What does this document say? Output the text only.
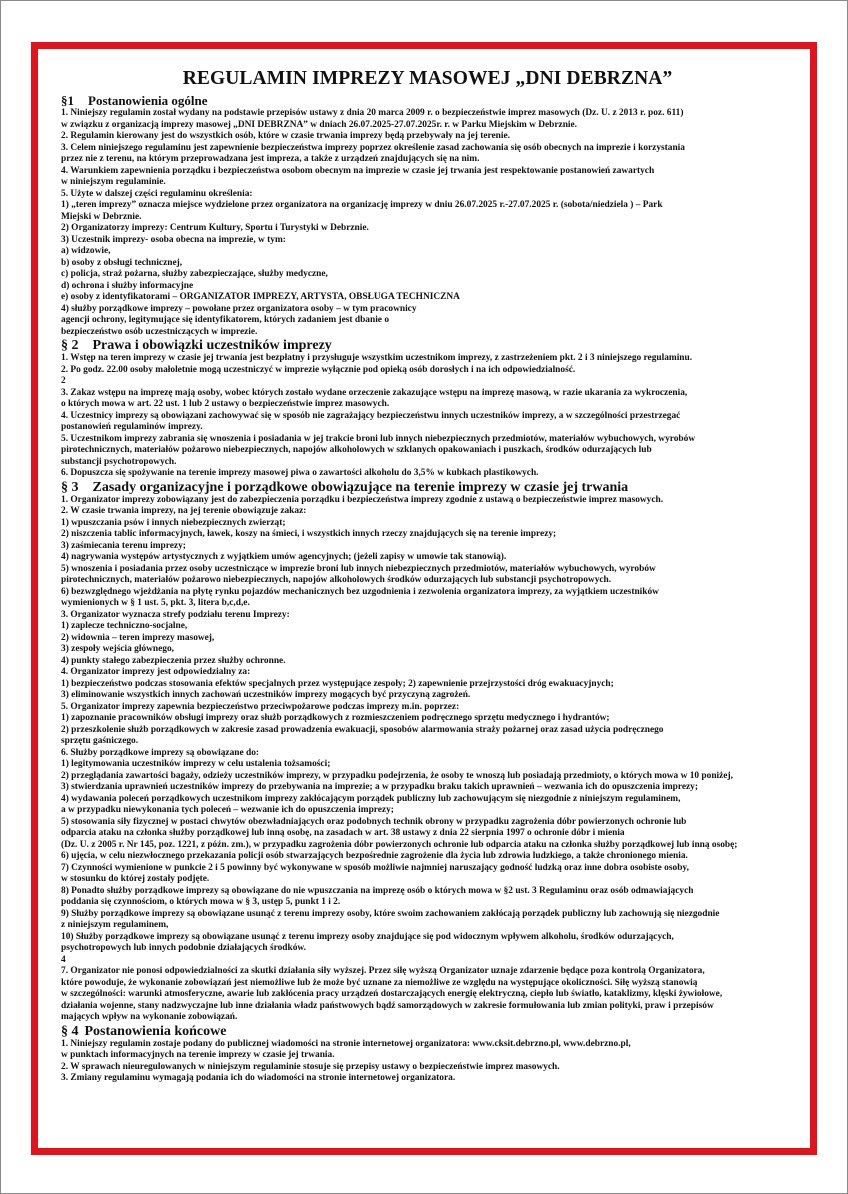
REGULAMIN IMPREZY MASOWEJ „DNI DEBRZNA”

§1 Postanowienia ogólne

1. Niniejszy regulamin został wydany na podstawie przepisów ustawy z dnia 20 marca 2009 r. o bezpieczeństwie imprez masowych (Dz. U. z 2013 r. poz. 611)

w związku z organizacją imprezy masowej „DNI DEBRZNA” w dniach 26.07.2025-27.07.2025r. r. w Parku Miejskim w Debrznie.

2. Regulamin kierowany jest do wszystkich osób, które w czasie trwania imprezy będą przebywały na jej terenie.

3. Celem niniejszego regulaminu jest zapewnienie bezpieczeństwa imprezy poprzez określenie zasad zachowania się osób obecnych na imprezie i korzystania

przez nie z terenu, na którym przeprowadzana jest impreza, a także z urządzeń znajdujących się na nim.

4. Warunkiem zapewnienia porządku i bezpieczeństwa osobom obecnym na imprezie w czasie jej trwania jest respektowanie postanowień zawartych

w niniejszym regulaminie.

5. Użyte w dalszej części regulaminu określenia:

1) „teren imprezy” oznacza miejsce wydzielone przez organizatora na organizację imprezy w dniu 26.07.2025 r.-27.07.2025 r. (sobota/niedziela ) – Park

Miejski w Debrznie.

2) Organizatorzy imprezy: Centrum Kultury, Sportu i Turystyki w Debrznie.

3) Uczestnik imprezy- osoba obecna na imprezie, w tym:

a) widzowie,

b) osoby z obsługi technicznej,

c) policja, straż pożarna, służby zabezpieczające, służby medyczne,

d) ochrona i służby informacyjne

e) osoby z identyfikatorami – ORGANIZATOR IMPREZY, ARTYSTA, OBSŁUGA TECHNICZNA

4) służby porządkowe imprezy – powołane przez organizatora osoby – w tym pracownicy

agencji ochrony, legitymujące się identyfikatorem, których zadaniem jest dbanie o

bezpieczeństwo osób uczestniczących w imprezie.

§ 2 Prawa i obowiązki uczestników imprezy

1. Wstęp na teren imprezy w czasie jej trwania jest bezpłatny i przysługuje wszystkim uczestnikom imprezy, z zastrzeżeniem pkt. 2 i 3 niniejszego regulaminu.

2. Po godz. 22.00 osoby małoletnie mogą uczestniczyć w imprezie wyłącznie pod opieką osób dorosłych i na ich odpowiedzialność.

2

3. Zakaz wstępu na imprezę mają osoby, wobec których zostało wydane orzeczenie zakazujące wstępu na imprezę masową, w razie ukarania za wykroczenia,

o których mowa w art. 22 ust. 1 lub 2 ustawy o bezpieczeństwie imprez masowych.

4. Uczestnicy imprezy są obowiązani zachowywać się w sposób nie zagrażający bezpieczeństwu innych uczestników imprezy, a w szczególności przestrzegać

postanowień regulaminów imprezy.

5. Uczestnikom imprezy zabrania się wnoszenia i posiadania w jej trakcie broni lub innych niebezpiecznych przedmiotów, materiałów wybuchowych, wyrobów

pirotechnicznych, materiałów pożarowo niebezpiecznych, napojów alkoholowych w szklanych opakowaniach i puszkach, środków odurzających lub

substancji psychotropowych.

6. Dopuszcza się spożywanie na terenie imprezy masowej piwa o zawartości alkoholu do 3,5% w kubkach plastikowych.

§ 3 Zasady organizacyjne i porządkowe obowiązujące na terenie imprezy w czasie jej trwania

1. Organizator imprezy zobowiązany jest do zabezpieczenia porządku i bezpieczeństwa imprezy zgodnie z ustawą o bezpieczeństwie imprez masowych.

2. W czasie trwania imprezy, na jej terenie obowiązuje zakaz:

1) wpuszczania psów i innych niebezpiecznych zwierząt;

2) niszczenia tablic informacyjnych, ławek, koszy na śmieci, i wszystkich innych rzeczy znajdujących się na terenie imprezy;

3) zaśmiecania terenu imprezy;

4) nagrywania występów artystycznych z wyjątkiem umów agencyjnych; (jeżeli zapisy w umowie tak stanowią).

5) wnoszenia i posiadania przez osoby uczestniczące w imprezie broni lub innych niebezpiecznych przedmiotów, materiałów wybuchowych, wyrobów

pirotechnicznych, materiałów pożarowo niebezpiecznych, napojów alkoholowych środków odurzających lub substancji psychotropowych.

6) bezwzględnego wjeżdżania na płytę rynku pojazdów mechanicznych bez uzgodnienia i zezwolenia organizatora imprezy, za wyjątkiem uczestników

wymienionych w § 1 ust. 5, pkt. 3, litera b,c,d,e.

3. Organizator wyznacza strefy podziału terenu Imprezy:

1) zaplecze techniczno-socjalne,

2) widownia – teren imprezy masowej,

3) zespoły wejścia głównego,

4) punkty stałego zabezpieczenia przez służby ochronne.

4. Organizator imprezy jest odpowiedzialny za:

1) bezpieczeństwo podczas stosowania efektów specjalnych przez występujące zespoły; 2) zapewnienie przejrzystości dróg ewakuacyjnych;

3) eliminowanie wszystkich innych zachowań uczestników imprezy mogących być przyczyną zagrożeń.

5. Organizator imprezy zapewnia bezpieczeństwo przeciwpożarowe podczas imprezy m.in. poprzez:

1) zapoznanie pracowników obsługi imprezy oraz służb porządkowych z rozmieszczeniem podręcznego sprzętu medycznego i hydrantów;

2) przeszkolenie służb porządkowych w zakresie zasad prowadzenia ewakuacji, sposobów alarmowania straży pożarnej oraz zasad użycia podręcznego

sprzętu gaśniczego.

6. Służby porządkowe imprezy są obowiązane do:

1) legitymowania uczestników imprezy w celu ustalenia tożsamości;

2) przeglądania zawartości bagaży, odzieży uczestników imprezy, w przypadku podejrzenia, że osoby te wnoszą lub posiadają przedmioty, o których mowa w 10 poniżej,

3) stwierdzania uprawnień uczestników imprezy do przebywania na imprezie; a w przypadku braku takich uprawnień – wezwania ich do opuszczenia imprezy;

4) wydawania poleceń porządkowych uczestnikom imprezy zakłócającym porządek publiczny lub zachowującym się niezgodnie z niniejszym regulaminem,

a w przypadku niewykonania tych poleceń – wezwanie ich do opuszczenia imprezy;

5) stosowania siły fizycznej w postaci chwytów obezwładniających oraz podobnych technik obrony w przypadku zagrożenia dóbr powierzonych ochronie lub

odparcia ataku na członka służby porządkowej lub inną osobę, na zasadach w art. 38 ustawy z dnia 22 sierpnia 1997 o ochronie dóbr i mienia

(Dz. U. z 2005 r. Nr 145, poz. 1221, z późn. zm.), w przypadku zagrożenia dóbr powierzonych ochronie lub odparcia ataku na członka służby porządkowej lub inną osobę;

6) ujęcia, w celu niezwłocznego przekazania policji osób stwarzających bezpośrednie zagrożenie dla życia lub zdrowia ludzkiego, a także chronionego mienia.

7) Czynności wymienione w punkcie 2 i 5 powinny być wykonywane w sposób możliwie najmniej naruszający godność ludzką oraz inne dobra osobiste osoby,

w stosunku do której zostały podjęte.

8) Ponadto służby porządkowe imprezy są obowiązane do nie wpuszczania na imprezę osób o których mowa w §2 ust. 3 Regulaminu oraz osób odmawiających

poddania się czynnościom, o których mowa w § 3, ustęp 5, punkt 1 i 2.

9) Służby porządkowe imprezy są obowiązane usunąć z terenu imprezy osoby, które swoim zachowaniem zakłócają porządek publiczny lub zachowują się niezgodnie

z niniejszym regulaminem,

10) Służby porządkowe imprezy są obowiązane usunąć z terenu imprezy osoby znajdujące się pod widocznym wpływem alkoholu, środków odurzających,

psychotropowych lub innych podobnie działających środków.

4

7. Organizator nie ponosi odpowiedzialności za skutki działania siły wyższej. Przez siłę wyższą Organizator uznaje zdarzenie będące poza kontrolą Organizatora,

które powoduje, że wykonanie zobowiązań jest niemożliwe lub że może być uznane za niemożliwe ze względu na występujące okoliczności. Siłę wyższą stanowią

w szczególności: warunki atmosferyczne, awarie lub zakłócenia pracy urządzeń dostarczających energię elektryczną, ciepło lub światło, kataklizmy, klęski żywiołowe,

działania wojenne, stany nadzwyczajne lub inne działania władz państwowych bądź samorządowych w zakresie formułowania lub zmian polityki, praw i przepisów

mających wpływ na wykonanie zobowiązań.

§ 4 Postanowienia końcowe

1. Niniejszy regulamin zostaje podany do publicznej wiadomości na stronie internetowej organizatora: www.cksit.debrzno.pl, www.debrzno.pl,

w punktach informacyjnych na terenie imprezy w czasie jej trwania.

2. W sprawach nieuregulowanych w niniejszym regulaminie stosuje się przepisy ustawy o bezpieczeństwie imprez masowych.

3. Zmiany regulaminu wymagają podania ich do wiadomości na stronie internetowej organizatora.
